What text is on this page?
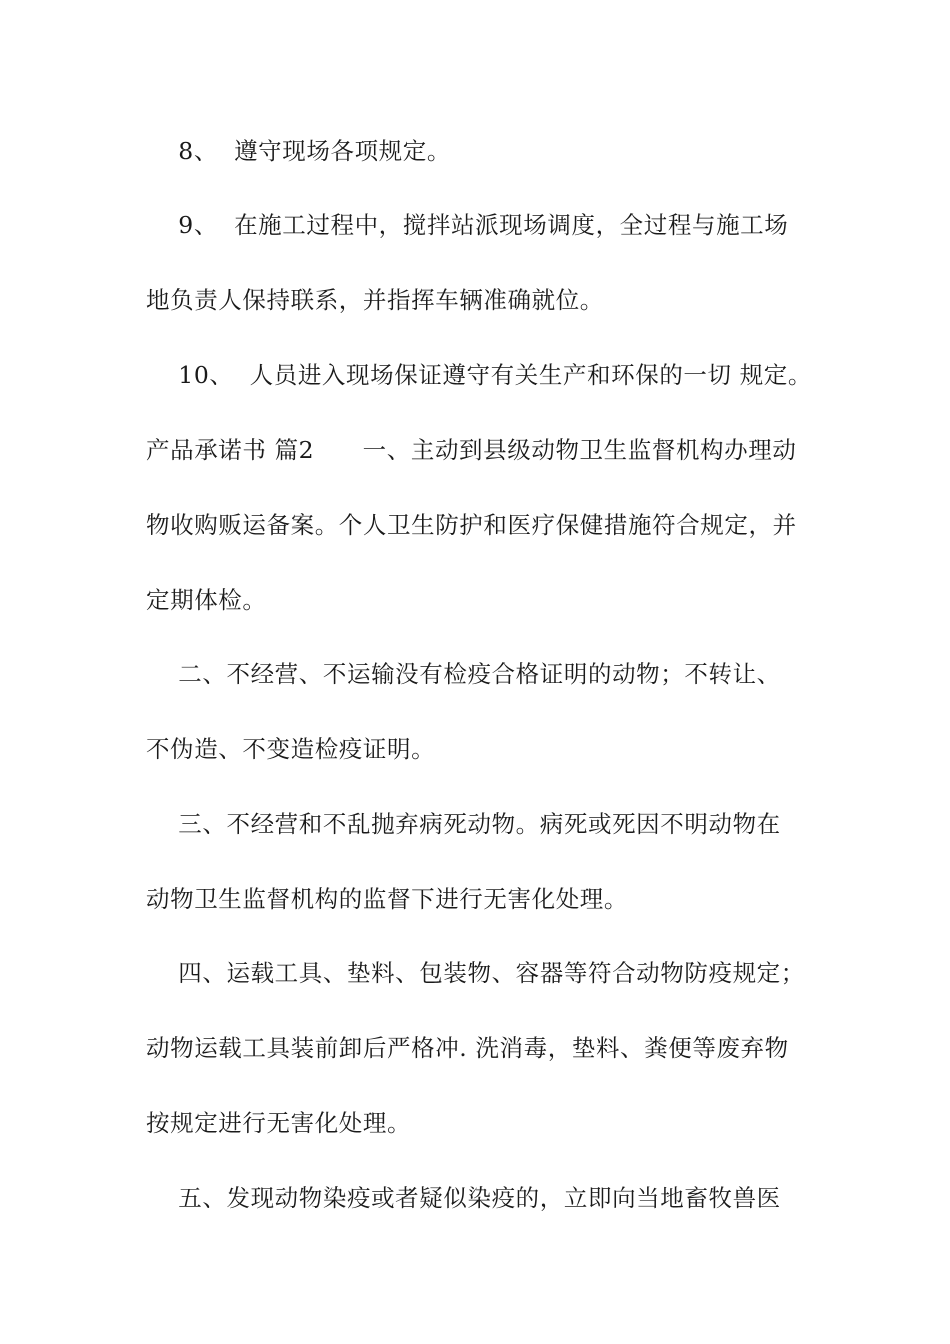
8、  遵守现场各项规定。
9、  在施工过程中，搅拌站派现场调度，全过程与施工场
地负责人保持联系，并指挥车辆准确就位。
10、  人员进入现场保证遵守有关生产和环保的一切 规定。
产品承诺书 篇2      一、主动到县级动物卫生监督机构办理动
物收购贩运备案。个人卫生防护和医疗保健措施符合规定，并
定期体检。
二、不经营、不运输没有检疫合格证明的动物；不转让、
不伪造、不变造检疫证明。
三、不经营和不乱抛弃病死动物。病死或死因不明动物在
动物卫生监督机构的监督下进行无害化处理。
四、运载工具、垫料、包装物、容器等符合动物防疫规定；
动物运载工具装前卸后严格冲. 洗消毒，垫料、粪便等废弃物
按规定进行无害化处理。
五、发现动物染疫或者疑似染疫的，立即向当地畜牧兽医
